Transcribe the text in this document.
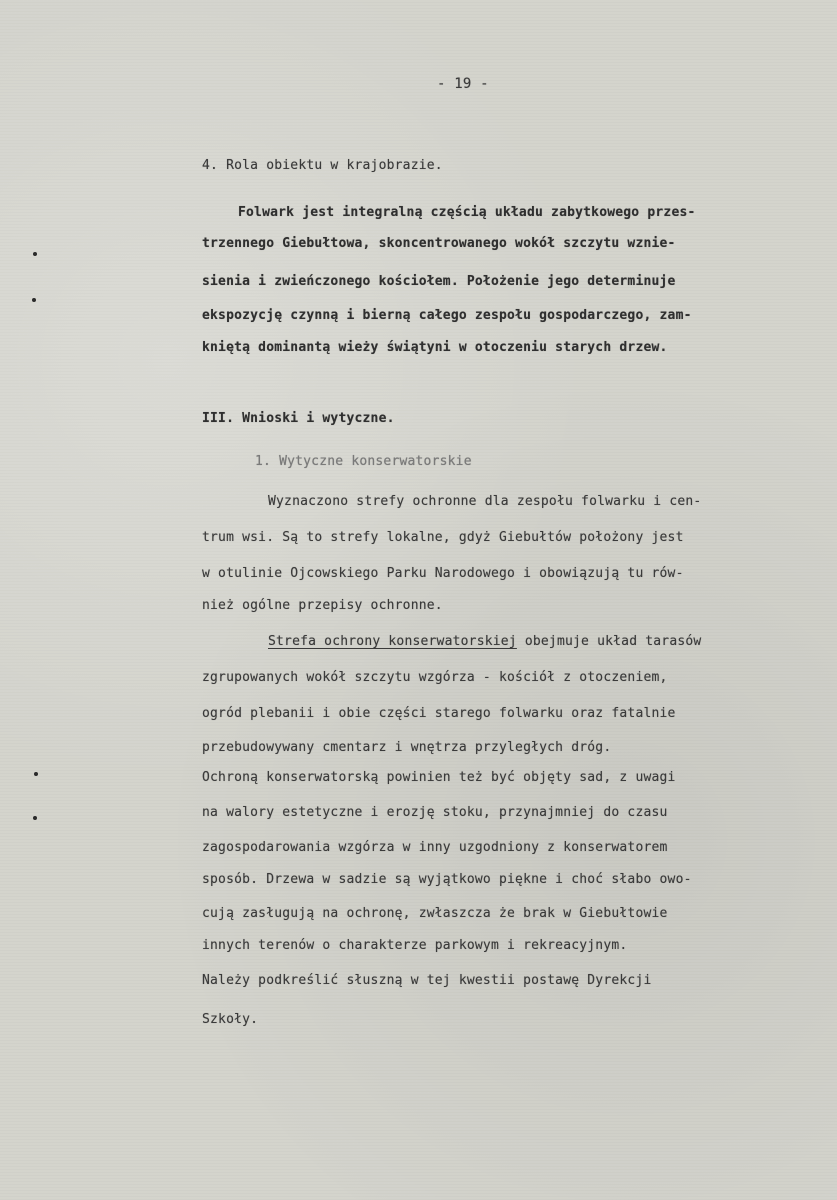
- 19 -
4. Rola obiektu w krajobrazie.
Folwark jest integralną częścią układu zabytkowego przes-
trzennego Giebułtowa, skoncentrowanego wokół szczytu wznie-
sienia i zwieńczonego kościołem. Położenie jego determinuje
ekspozycję czynną i bierną całego zespołu gospodarczego, zam-
kniętą dominantą wieży świątyni w otoczeniu starych drzew.
III. Wnioski i wytyczne.
1. Wytyczne konserwatorskie
Wyznaczono strefy ochronne dla zespołu folwarku i cen-
trum wsi. Są to strefy lokalne, gdyż Giebułtów położony jest
w otulinie Ojcowskiego Parku Narodowego i obowiązują tu rów-
nież ogólne przepisy ochronne.
Strefa ochrony konserwatorskiej obejmuje układ tarasów
zgrupowanych wokół szczytu wzgórza - kościół z otoczeniem,
ogród plebanii i obie części starego folwarku oraz fatalnie
przebudowywany cmentarz i wnętrza przyległych dróg.
Ochroną konserwatorską powinien też być objęty sad, z uwagi
na walory estetyczne i erozję stoku, przynajmniej do czasu
zagospodarowania wzgórza w inny uzgodniony z konserwatorem
sposób. Drzewa w sadzie są wyjątkowo piękne i choć słabo owo-
cują zasługują na ochronę, zwłaszcza że brak w Giebułtowie
innych terenów o charakterze parkowym i rekreacyjnym.
Należy podkreślić słuszną w tej kwestii postawę Dyrekcji
Szkoły.
